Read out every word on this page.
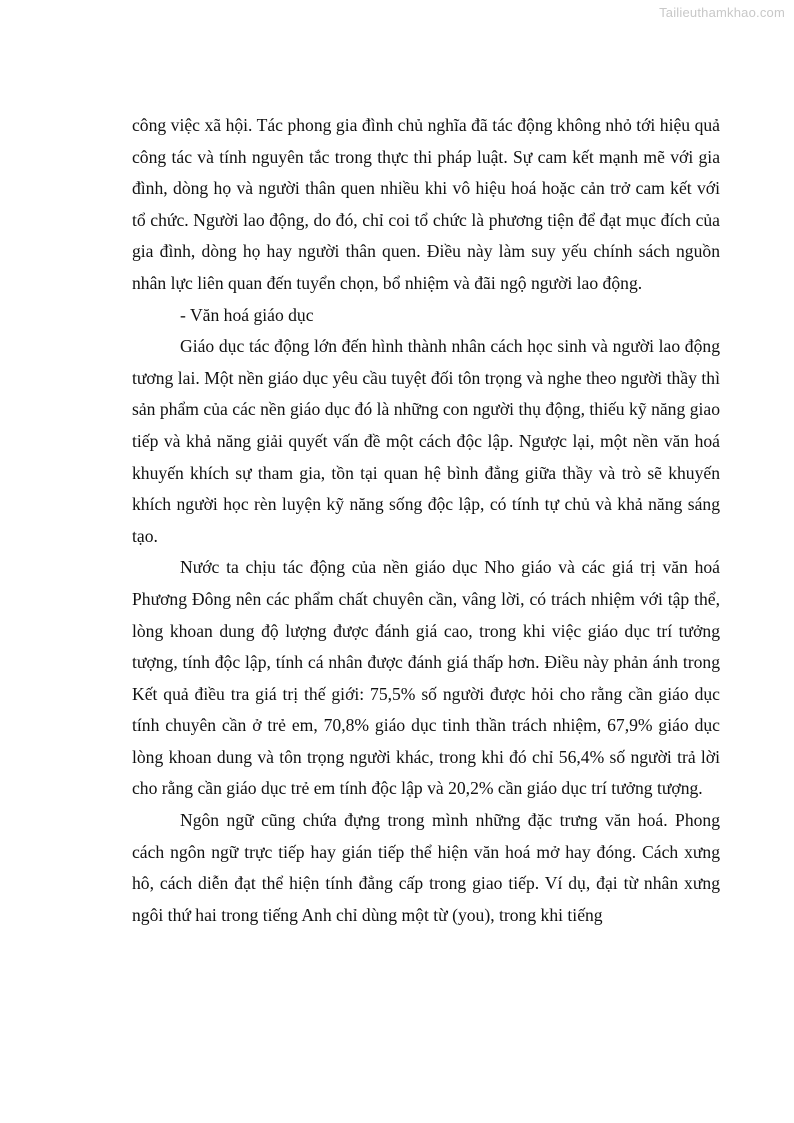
Tailieuthamkhao.com

công việc xã hội. Tác phong gia đình chủ nghĩa đã tác động không nhỏ tới hiệu quả công tác và tính nguyên tắc trong thực thi pháp luật. Sự cam kết mạnh mẽ với gia đình, dòng họ và người thân quen nhiều khi vô hiệu hoá hoặc cản trở cam kết với tổ chức. Người lao động, do đó, chỉ coi tổ chức là phương tiện để đạt mục đích của gia đình, dòng họ hay người thân quen. Điều này làm suy yếu chính sách nguồn nhân lực liên quan đến tuyển chọn, bổ nhiệm và đãi ngộ người lao động.

- Văn hoá giáo dục

Giáo dục tác động lớn đến hình thành nhân cách học sinh và người lao động tương lai. Một nền giáo dục yêu cầu tuyệt đối tôn trọng và nghe theo người thầy thì sản phẩm của các nền giáo dục đó là những con người thụ động, thiếu kỹ năng giao tiếp và khả năng giải quyết vấn đề một cách độc lập. Ngược lại, một nền văn hoá khuyến khích sự tham gia, tồn tại quan hệ bình đẳng giữa thầy và trò sẽ khuyến khích người học rèn luyện kỹ năng sống độc lập, có tính tự chủ và khả năng sáng tạo.

Nước ta chịu tác động của nền giáo dục Nho giáo và các giá trị văn hoá Phương Đông nên các phẩm chất chuyên cần, vâng lời, có trách nhiệm với tập thể, lòng khoan dung độ lượng được đánh giá cao, trong khi việc giáo dục trí tưởng tượng, tính độc lập, tính cá nhân được đánh giá thấp hơn. Điều này phản ánh trong Kết quả điều tra giá trị thế giới: 75,5% số người được hỏi cho rằng cần giáo dục tính chuyên cần ở trẻ em, 70,8% giáo dục tinh thần trách nhiệm, 67,9% giáo dục lòng khoan dung và tôn trọng người khác, trong khi đó chỉ 56,4% số người trả lời cho rằng cần giáo dục trẻ em tính độc lập và 20,2% cần giáo dục trí tưởng tượng.

Ngôn ngữ cũng chứa đựng trong mình những đặc trưng văn hoá. Phong cách ngôn ngữ trực tiếp hay gián tiếp thể hiện văn hoá mở hay đóng. Cách xưng hô, cách diễn đạt thể hiện tính đẳng cấp trong giao tiếp. Ví dụ, đại từ nhân xưng ngôi thứ hai trong tiếng Anh chỉ dùng một từ (you), trong khi tiếng
